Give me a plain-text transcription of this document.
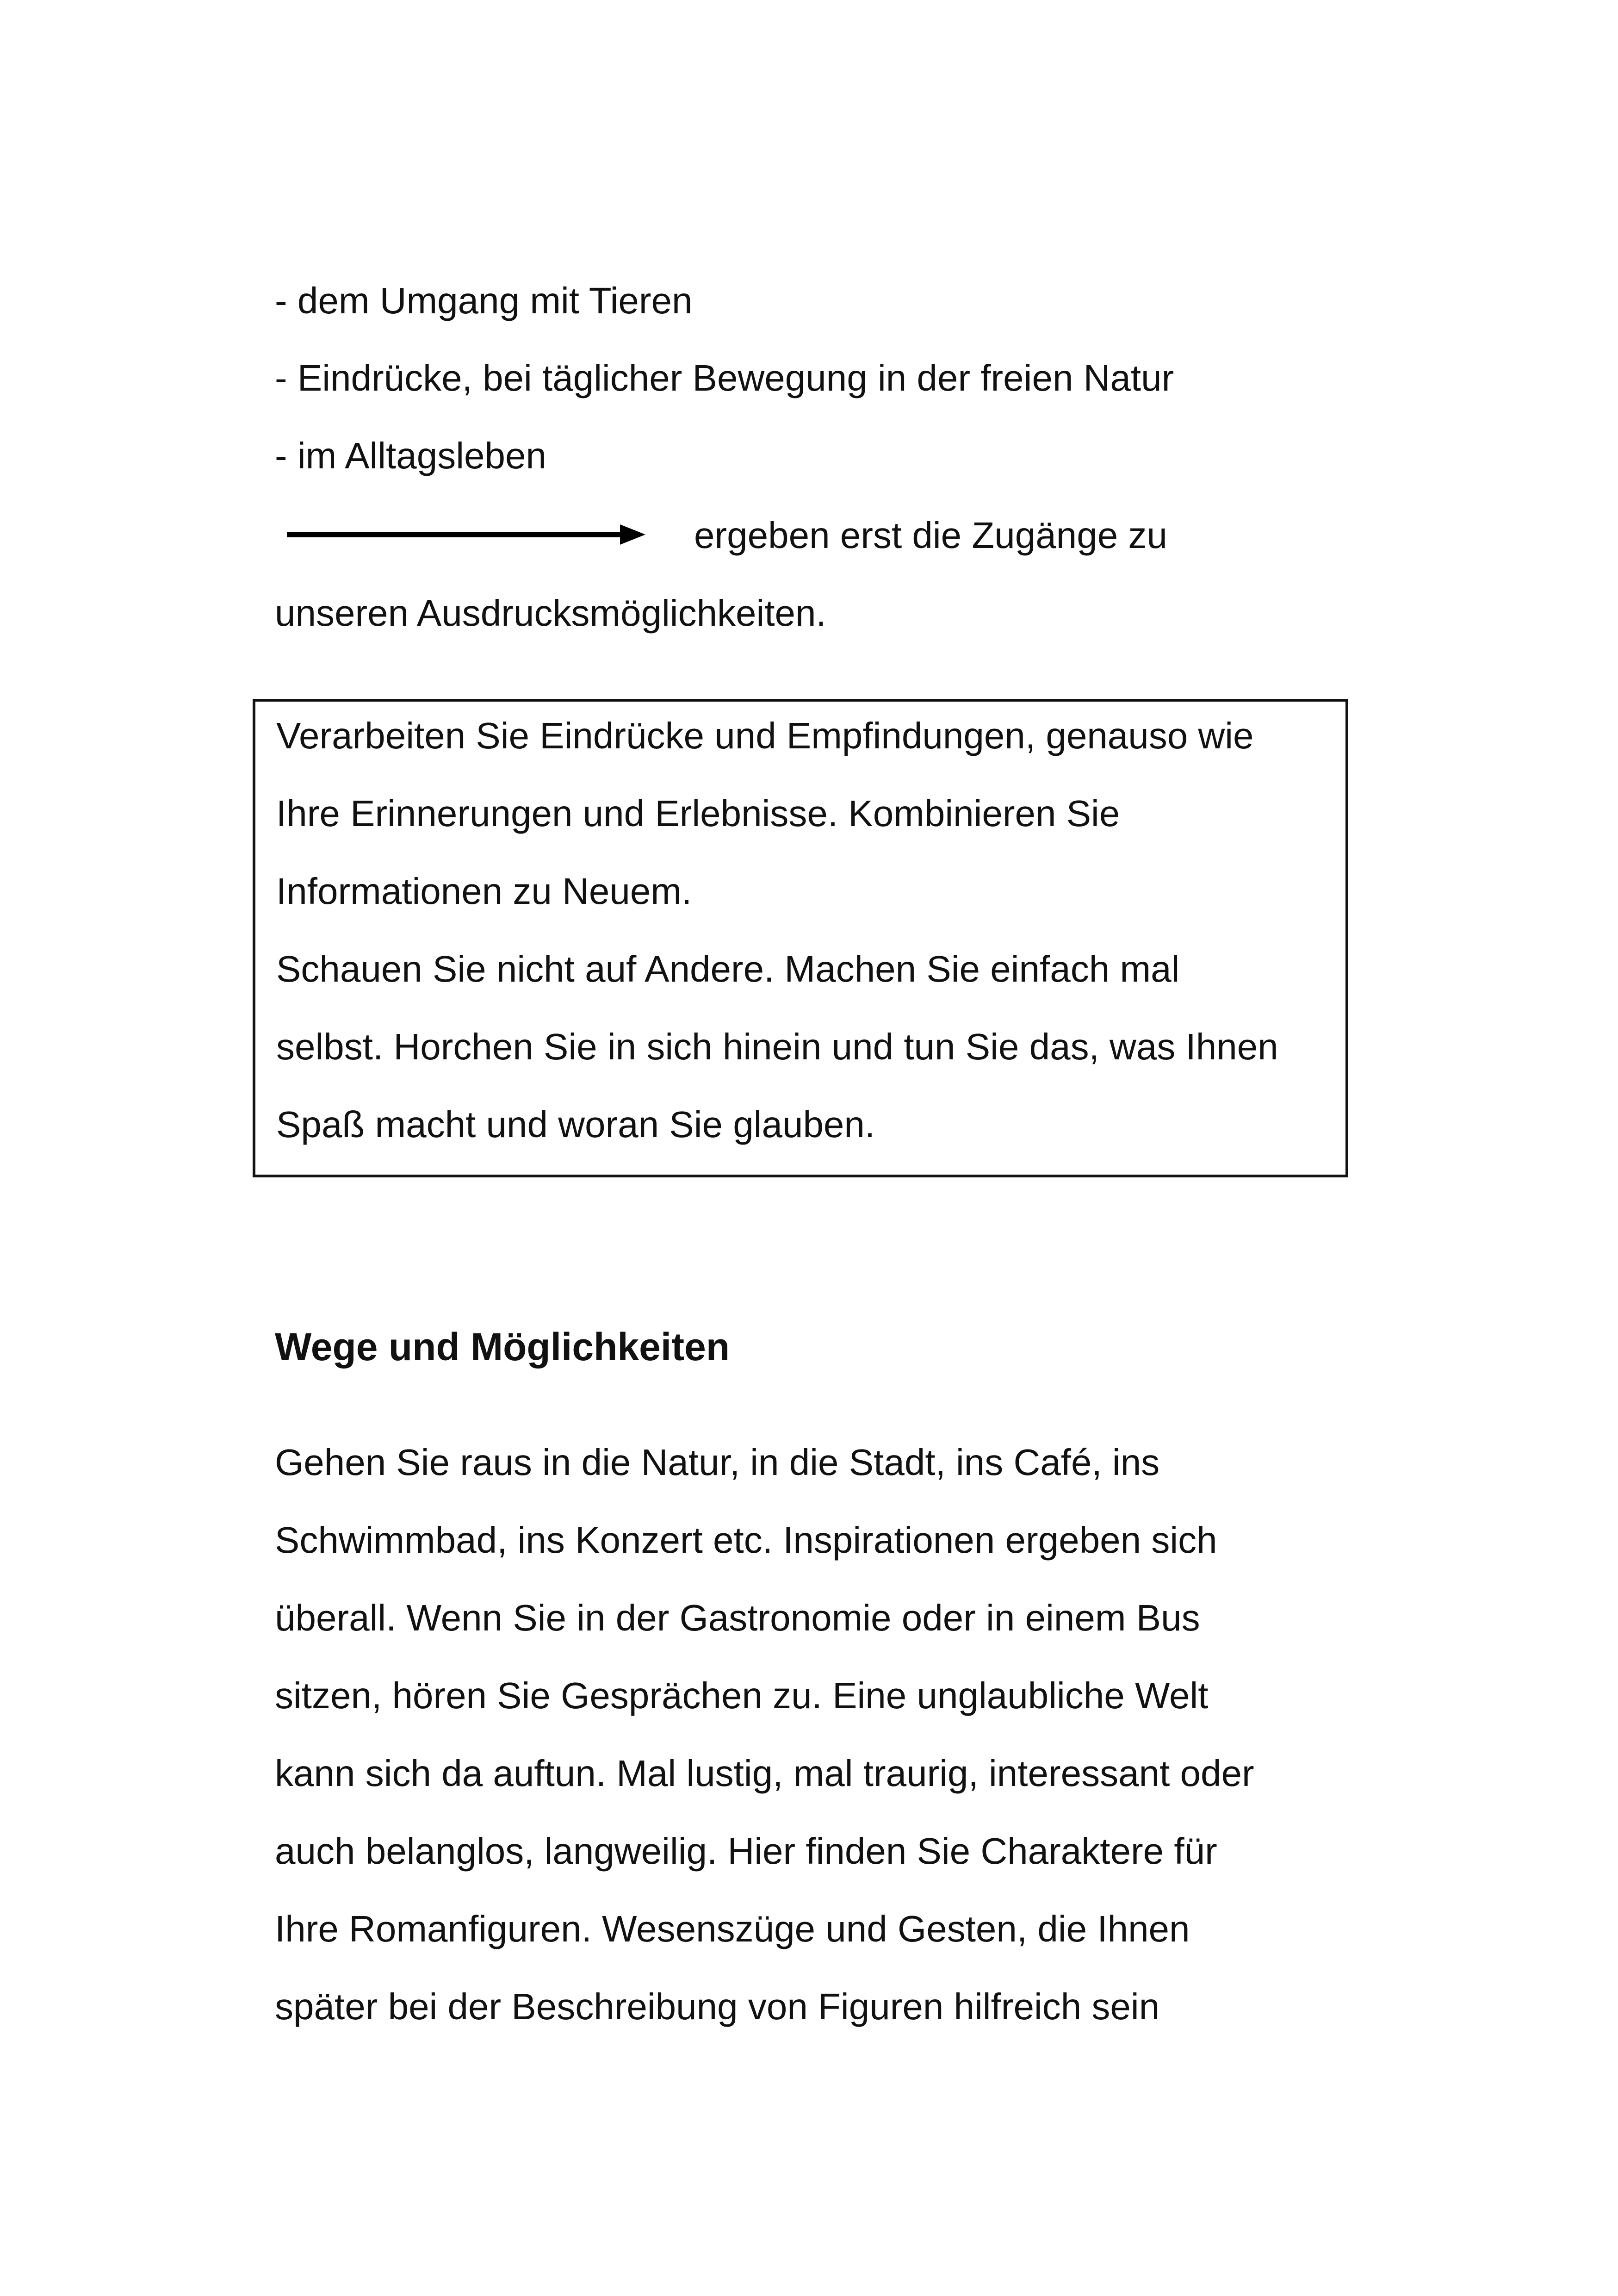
- dem Umgang mit Tieren
- Eindrücke, bei täglicher Bewegung in der freien Natur
- im Alltagsleben
ergeben erst die Zugänge zu
unseren Ausdrucksmöglichkeiten.
Verarbeiten Sie Eindrücke und Empfindungen, genauso wie
Ihre Erinnerungen und Erlebnisse. Kombinieren Sie
Informationen zu Neuem.
Schauen Sie nicht auf Andere. Machen Sie einfach mal
selbst. Horchen Sie in sich hinein und tun Sie das, was Ihnen
Spaß macht und woran Sie glauben.
Wege und Möglichkeiten
Gehen Sie raus in die Natur, in die Stadt, ins Café, ins
Schwimmbad, ins Konzert etc. Inspirationen ergeben sich
überall. Wenn Sie in der Gastronomie oder in einem Bus
sitzen, hören Sie Gesprächen zu. Eine unglaubliche Welt
kann sich da auftun. Mal lustig, mal traurig, interessant oder
auch belanglos, langweilig. Hier finden Sie Charaktere für
Ihre Romanfiguren. Wesenszüge und Gesten, die Ihnen
später bei der Beschreibung von Figuren hilfreich sein
